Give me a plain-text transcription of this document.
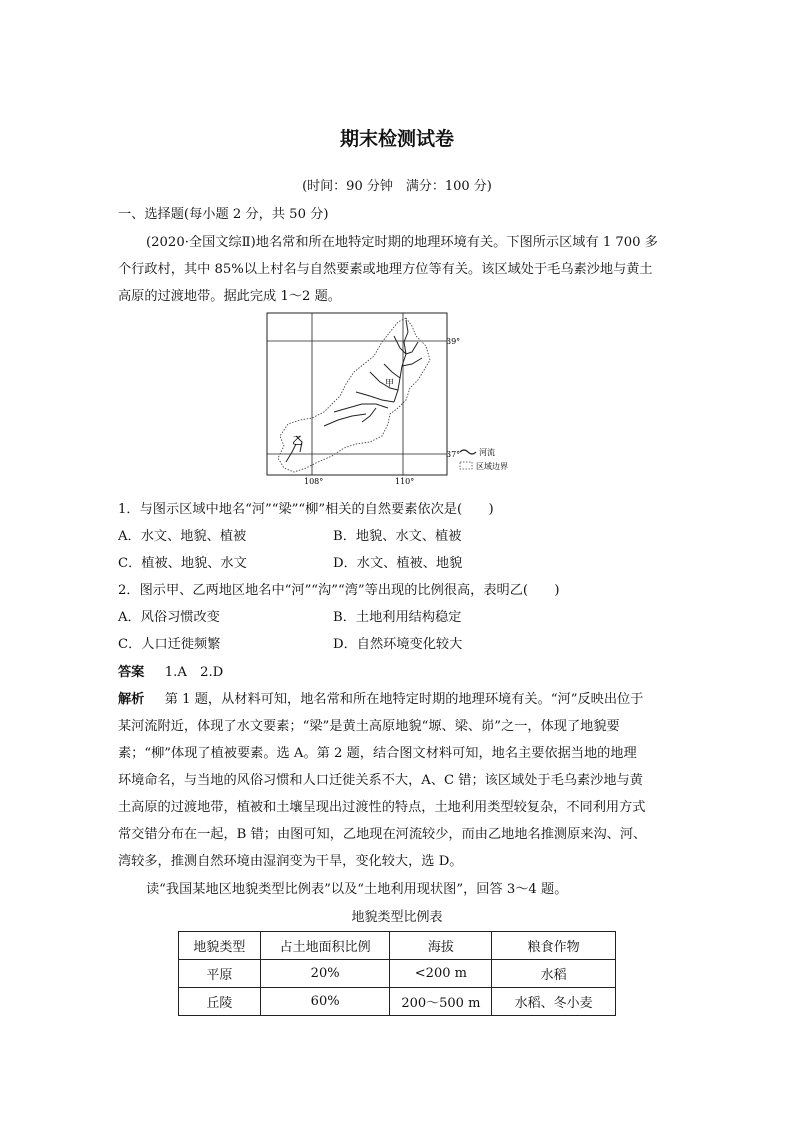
期末检测试卷
(时间：90 分钟　满分：100 分)
一、选择题(每小题 2 分，共 50 分)
(2020·全国文综Ⅱ)地名常和所在地特定时期的地理环境有关。下图所示区域有 1 700 多
个行政村，其中 85%以上村名与自然要素或地理方位等有关。该区域处于毛乌素沙地与黄土
高原的过渡地带。据此完成 1～2 题。
39°
37°
108°	110°
甲
乙
河流
区域边界
1．与图示区域中地名“河”“梁”“柳”相关的自然要素依次是(　　)
A．水文、地貌、植被	B．地貌、水文、植被
C．植被、地貌、水文	D．水文、植被、地貌
2．图示甲、乙两地区地名中“河”“沟”“湾”等出现的比例很高，表明乙(　　)
A．风俗习惯改变	B．土地利用结构稳定
C．人口迁徙频繁	D．自然环境变化较大
答案 1.A　2.D
解析 第 1 题，从材料可知，地名常和所在地特定时期的地理环境有关。“河”反映出位于
某河流附近，体现了水文要素；“梁”是黄土高原地貌“塬、梁、峁”之一，体现了地貌要
素；“柳”体现了植被要素。选 A。第 2 题，结合图文材料可知，地名主要依据当地的地理
环境命名，与当地的风俗习惯和人口迁徙关系不大，A、C 错；该区域处于毛乌素沙地与黄
土高原的过渡地带，植被和土壤呈现出过渡性的特点，土地利用类型较复杂，不同利用方式
常交错分布在一起，B 错；由图可知，乙地现在河流较少，而由乙地地名推测原来沟、河、
湾较多，推测自然环境由湿润变为干旱，变化较大，选 D。
读“我国某地区地貌类型比例表”以及“土地利用现状图”，回答 3～4 题。
地貌类型比例表
地貌类型	占土地面积比例	海拔	粮食作物
平原	20%	<200 m	水稻
丘陵	60%	200～500 m	水稻、冬小麦
